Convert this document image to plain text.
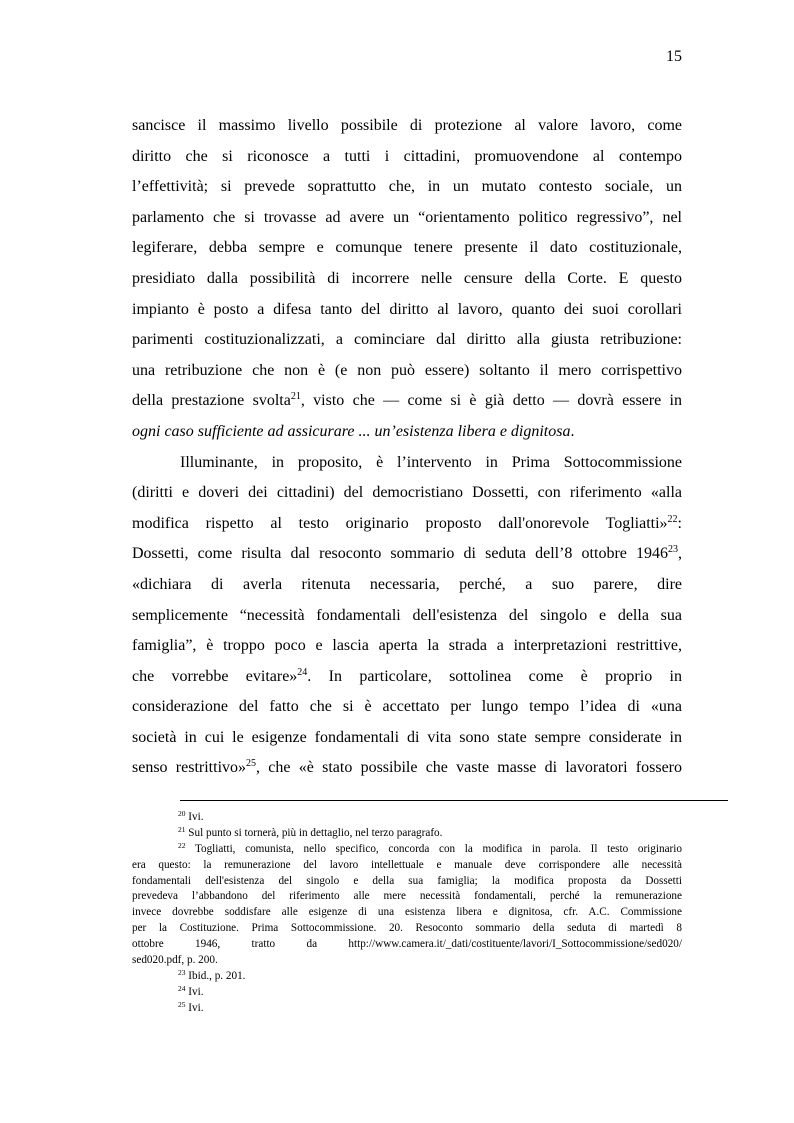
15
sancisce il massimo livello possibile di protezione al valore lavoro, come
diritto che si riconosce a tutti i cittadini, promuovendone al contempo
l’effettività; si prevede soprattutto che, in un mutato contesto sociale, un
parlamento che si trovasse ad avere un “orientamento politico regressivo”, nel
legiferare, debba sempre e comunque tenere presente il dato costituzionale,
presidiato dalla possibilità di incorrere nelle censure della Corte. E questo
impianto è posto a difesa tanto del diritto al lavoro, quanto dei suoi corollari
parimenti costituzionalizzati, a cominciare dal diritto alla giusta retribuzione:
una retribuzione che non è (e non può essere) soltanto il mero corrispettivo
della prestazione svolta$^{21}$, visto che — come si è già detto — dovrà essere in
ogni caso sufficiente ad assicurare ... un’esistenza libera e dignitosa.
Illuminante, in proposito, è l’intervento in Prima Sottocommissione
(diritti e doveri dei cittadini) del democristiano Dossetti, con riferimento «alla
modifica rispetto al testo originario proposto dall'onorevole Togliatti»$^{22}$:
Dossetti, come risulta dal resoconto sommario di seduta dell’8 ottobre 1946$^{23}$,
«dichiara di averla ritenuta necessaria, perché, a suo parere, dire
semplicemente “necessità fondamentali dell'esistenza del singolo e della sua
famiglia”, è troppo poco e lascia aperta la strada a interpretazioni restrittive,
che vorrebbe evitare»$^{24}$. In particolare, sottolinea come è proprio in
considerazione del fatto che si è accettato per lungo tempo l’idea di «una
società in cui le esigenze fondamentali di vita sono state sempre considerate in
senso restrittivo»$^{25}$, che «è stato possibile che vaste masse di lavoratori fossero
$^{20}$ Ivi.
$^{21}$ Sul punto si tornerà, più in dettaglio, nel terzo paragrafo.
$^{22}$ Togliatti, comunista, nello specifico, concorda con la modifica in parola. Il testo originario
era questo: la remunerazione del lavoro intellettuale e manuale deve corrispondere alle necessità
fondamentali dell'esistenza del singolo e della sua famiglia; la modifica proposta da Dossetti
prevedeva l’abbandono del riferimento alle mere necessità fondamentali, perché la remunerazione
invece dovrebbe soddisfare alle esigenze di una esistenza libera e dignitosa, cfr. A.C. Commissione
per la Costituzione. Prima Sottocommissione. 20. Resoconto sommario della seduta di martedì 8
ottobre 1946, tratto da http://www.camera.it/_dati/costituente/lavori/I_Sottocommissione/sed020/
sed020.pdf, p. 200.
$^{23}$ Ibid., p. 201.
$^{24}$ Ivi.
$^{25}$ Ivi.
